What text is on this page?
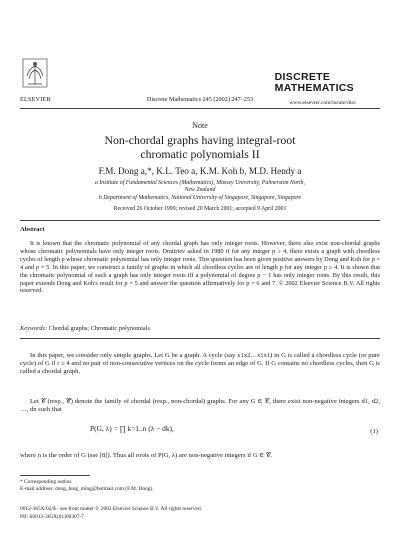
ELSEVIER	Discrete Mathematics 245 (2002) 247–253
DISCRETE
MATHEMATICS
www.elsevier.com/locate/disc
Note
Non-chordal graphs having integral-root
chromatic polynomials II
F.M. Dong a,*, K.L. Teo a, K.M. Koh b, M.D. Hendy a
a Institute of Fundamental Sciences (Mathematics), Massey University, Palmerston North,
New Zealand
b Department of Mathematics, National University of Singapore, Singapore, Singapore
Received 26 October 1999; revised 20 March 2001; accepted 9 April 2001
Abstract

It is known that the chromatic polynomial of any chordal graph has only integer roots. However, there also exist non-chordal graphs whose chromatic polynomials have only integer roots. Dmitriev asked in 1980 if for any integer p ≥ 4, there exists a graph with chordless cycles of length p whose chromatic polynomial has only integer roots. This question has been given positive answers by Dong and Koh for p = 4 and p = 5. In this paper, we construct a family of graphs in which all chordless cycles are of length p for any integer p ≥ 4. It is shown that the chromatic polynomial of such a graph has only integer roots iff a polynomial of degree p − 1 has only integer roots. By this result, this paper extends Dong and Koh's result for p = 5 and answer the question affirmatively for p = 6 and 7. © 2002 Elsevier Science B.V. All rights reserved.

Keywords: Chordal graphs; Chromatic polynomials

In this paper, we consider only simple graphs. Let G be a graph. A cycle (say x1x2…x1x1) in G is called a chordless cycle (or pure cycle) of G if r ≥ 4 and no pair of non-consecutive vertices on the cycle forms an edge of G. If G contains no chordless cycles, then G is called a chordal graph.

Let 𝒞 (resp., 𝒞̄) denote the family of chordal (resp., non-chordal) graphs. For any G ∈ 𝒞, there exist non-negative integers d1, d2, …, dn such that

P(G, λ) = ∏ k=1..n (λ − dk),	(1)

where n is the order of G (see [8]). Thus all roots of P(G, λ) are non-negative integers if G ∈ 𝒞.

* Corresponding author.
E-mail address: dong_feng_ming@hotmail.com (F.M. Dong).
0012-365X/02/$ - see front matter © 2002 Elsevier Science B.V. All rights reserved.
PII: S0012-365X(01)00307-7
